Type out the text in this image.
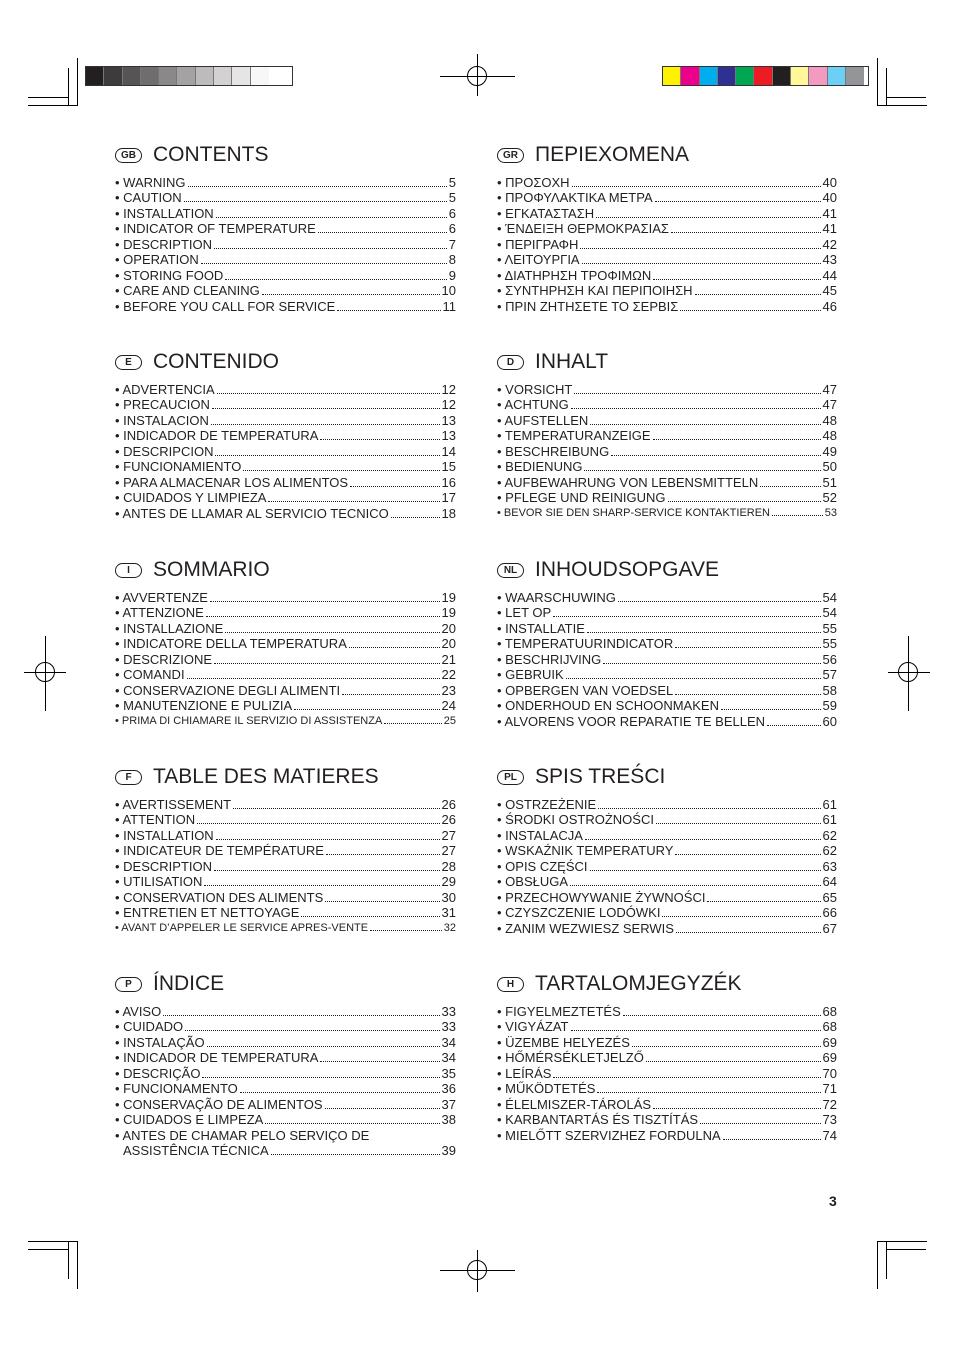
GB CONTENTS
• WARNING	5
• CAUTION	5
• INSTALLATION	6
• INDICATOR OF TEMPERATURE	6
• DESCRIPTION	7
• OPERATION	8
• STORING FOOD	9
• CARE AND CLEANING	10
• BEFORE YOU CALL FOR SERVICE	11
GR ΠΕΡΙΕΧΟΜΕΝΑ
• ΠΡΟΣΟΧΗ	40
• ΠΡΟΦΥΛΑΚΤΙΚΑ ΜΕΤΡΑ	40
• ΕΓΚΑΤΑΣΤΑΣΗ	41
• ΈΝΔΕΙΞΗ ΘΕΡΜΟΚΡΑΣΙΑΣ	41
• ΠΕΡΙΓΡΑΦΗ	42
• ΛΕΙΤΟΥΡΓΙΑ	43
• ΔΙΑΤΗΡΗΣΗ ΤΡΟΦΙΜΩΝ	44
• ΣΥΝΤΗΡΗΣΗ ΚΑΙ ΠΕΡΙΠΟΙΗΣΗ	45
• ΠΡΙΝ ΖΗΤΗΣΕΤΕ ΤΟ ΣΕΡΒΙΣ	46
E	CONTENIDO
• ADVERTENCIA	12
• PRECAUCION	12
• INSTALACION	13
• INDICADOR DE TEMPERATURA	13
• DESCRIPCION	14
• FUNCIONAMIENTO	15
• PARA ALMACENAR LOS ALIMENTOS	16
• CUIDADOS Y LIMPIEZA	17
• ANTES DE LLAMAR AL SERVICIO TECNICO	18
D INHALT
• VORSICHT	47
• ACHTUNG	47
• AUFSTELLEN	48
• TEMPERATURANZEIGE	48
• BESCHREIBUNG	49
• BEDIENUNG	50
• AUFBEWAHRUNG VON LEBENSMITTELN	51
• PFLEGE UND REINIGUNG	52
• BEVOR SIE DEN SHARP-SERVICE KONTAKTIEREN	53
I	SOMMARIO
• AVVERTENZE	19
• ATTENZIONE	19
• INSTALLAZIONE	20
• INDICATORE DELLA TEMPERATURA	20
• DESCRIZIONE	21
• COMANDI	22
• CONSERVAZIONE DEGLI ALIMENTI	23
• MANUTENZIONE E PULIZIA	24
• PRIMA DI CHIAMARE IL SERVIZIO DI ASSISTENZA	25
NL INHOUDSOPGAVE
• WAARSCHUWING	54
• LET OP	54
• INSTALLATIE	55
• TEMPERATUURINDICATOR	55
• BESCHRIJVING	56
• GEBRUIK	57
• OPBERGEN VAN VOEDSEL	58
• ONDERHOUD EN SCHOONMAKEN	59
• ALVORENS VOOR REPARATIE TE BELLEN	60
F	TABLE DES MATIERES
• AVERTISSEMENT	26
• ATTENTION	26
• INSTALLATION	27
• INDICATEUR DE TEMPÉRATURE	27
• DESCRIPTION	28
• UTILISATION	29
• CONSERVATION DES ALIMENTS	30
• ENTRETIEN ET NETTOYAGE	31
• AVANT D’APPELER LE SERVICE APRES-VENTE	32
PL SPIS TREŚCI
• OSTRZEŻENIE	61
• ŚRODKI OSTROŻNOŚCI	61
• INSTALACJA	62
• WSKAŹNIK TEMPERATURY	62
• OPIS CZĘŚCI	63
• OBSŁUGA	64
• PRZECHOWYWANIE ŻYWNOŚCI	65
• CZYSZCZENIE LODÓWKI	66
• ZANIM WEZWIESZ SERWIS	67
P	ÍNDICE
• AVISO	33
• CUIDADO	33
• INSTALAÇÃO	34
• INDICADOR DE TEMPERATURA	34
• DESCRIÇÃO	35
• FUNCIONAMENTO	36
• CONSERVAÇÃO DE ALIMENTOS	37
• CUIDADOS E LIMPEZA	38
• ANTES DE CHAMAR PELO SERVIÇO DE
ASSISTÊNCIA TÉCNICA	39
H TARTALOMJEGYZÉK
• FIGYELMEZTETÉS	68
• VIGYÁZAT	68
• ÜZEMBE HELYEZÉS	69
• HŐMÉRSÉKLETJELZŐ	69
• LEÍRÁS	70
• MŰKÖDTETÉS	71
• ÉLELMISZER-TÁROLÁS	72
• KARBANTARTÁS ÉS TISZTÍTÁS	73
• MIELŐTT SZERVIZHEZ FORDULNA	74
3
